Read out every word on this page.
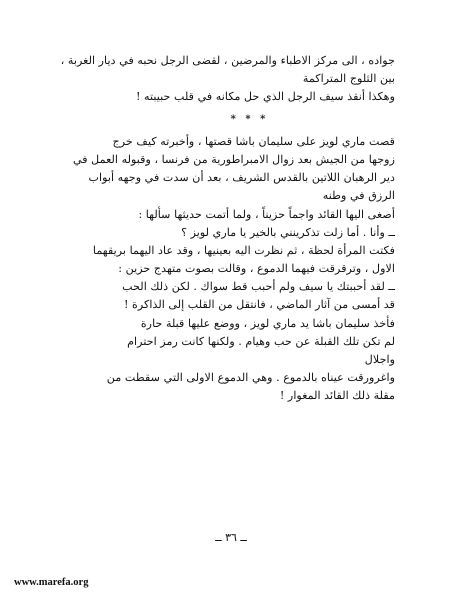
جواده ، الى مركز الاطباء والمرضين ، لقضى الرجل نحبه في ديار الغربة ،
بين الثلوج المتراكمة
وهكذا أنقذ سيف الرجل الذي حل مكانه في قلب حبيبته !
* * *
قصت ماري لويز على سليمان باشا قصتها ، وأخبرته كيف خرج
زوجها من الجيش بعد زوال الامبراطورية من فرنسا ، وقبوله العمل في
دير الرهبان اللاتين بالقدس الشريف ، بعد أن سدت في وجهه أبواب
الرزق في وطنه
أصغى اليها القائد واجماً حزيناً ، ولما أتمت حديثها سألها :
ــ وأنا . أما زلت تذكرينني بالخير يا ماري لويز ؟
فكتت المرأة لحظة ، ثم نظرت اليه بعينيها ، وقد عاد اليهما بريقهما
الاول ، وترقرقت فيهما الدموع ، وقالت بصوت متهدج حزين :
ــ لقد أحببتك يا سيف ولم أحبب قط سواك . لكن ذلك الحب
قد أمسى من آثار الماضي ، فانتقل من القلب إلى الذاكرة !
فأخذ سليمان باشا يد ماري لويز ، ووضع عليها قبلة حارة
لم تكن تلك القبلة عن حب وهيام . ولكنها كانت رمز احترام
واجلال
واغرورقت عيناه بالدموع . وهي الدموع الاولى التي سقطت من
مقلة ذلك القائد المغوار !
ــ ٣٦ ــ
www.marefa.org
